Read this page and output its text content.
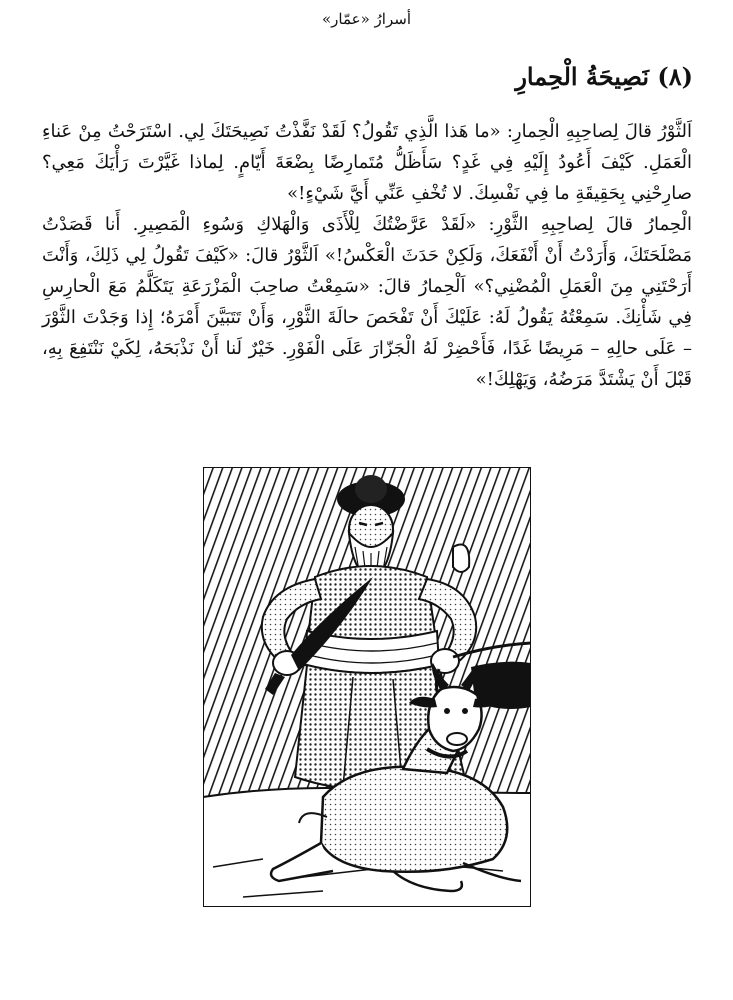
أسرارُ «عمّار»
(٨) نَصِيحَةُ الْحِمارِ

اَلثَّوْرُ قالَ لِصاحِبِهِ الْحِمارِ: «ما هَذا الَّذِي تَقُولُ؟ لَقَدْ نَفَّذْتُ نَصِيحَتَكَ لِي. اسْتَرَحْتُ مِنْ عَناءِ الْعَمَلِ. كَيْفَ أَعُودُ إِلَيْهِ فِي غَدٍ؟ سَأَظَلُّ مُتَمارِضًا بِضْعَةَ أَيّامٍ. لِماذا غَيَّرْتَ رَأْيَكَ مَعِي؟ صارِحْنِي بِحَقِيقَةِ ما فِي نَفْسِكَ. لا تُخْفِ عَنِّي أَيَّ شَيْءٍ!»

الْحِمارُ قالَ لِصاحِبِهِ الثَّوْرِ: «لَقَدْ عَرَّضْتُكَ لِلْأَذَى وَالْهَلاكِ وَسُوءِ الْمَصِيرِ. أَنا قَصَدْتُ مَصْلَحَتَكَ، وَأَرَدْتُ أَنْ أَنْفَعَكَ، وَلَكِنْ حَدَثَ الْعَكْسُ!» اَلثَّوْرُ قالَ: «كَيْفَ تَقُولُ لِي ذَلِكَ، وَأَنْتَ أَرَحْتَنِي مِنَ الْعَمَلِ الْمُضْنِي؟» اَلْحِمارُ قالَ: «سَمِعْتُ صاحِبَ الْمَزْرَعَةِ يَتَكَلَّمُ مَعَ الْحارِسِ فِي شَأْنِكَ. سَمِعْتُهُ يَقُولُ لَهُ: عَلَيْكَ أَنْ تَفْحَصَ حالَةَ الثَّوْرِ، وَأَنْ تَتَبَيَّنَ أَمْرَهُ؛ إِذا وَجَدْتَ الثَّوْرَ – عَلَى حالِهِ – مَرِيضًا غَدًا، فَأَحْضِرْ لَهُ الْجَزّارَ عَلَى الْفَوْرِ. خَيْرٌ لَنا أَنْ نَذْبَحَهُ، لِكَيْ نَنْتَفِعَ بِهِ، قَبْلَ أَنْ يَشْتَدَّ مَرَضُهُ، وَيَهْلِكَ!»
